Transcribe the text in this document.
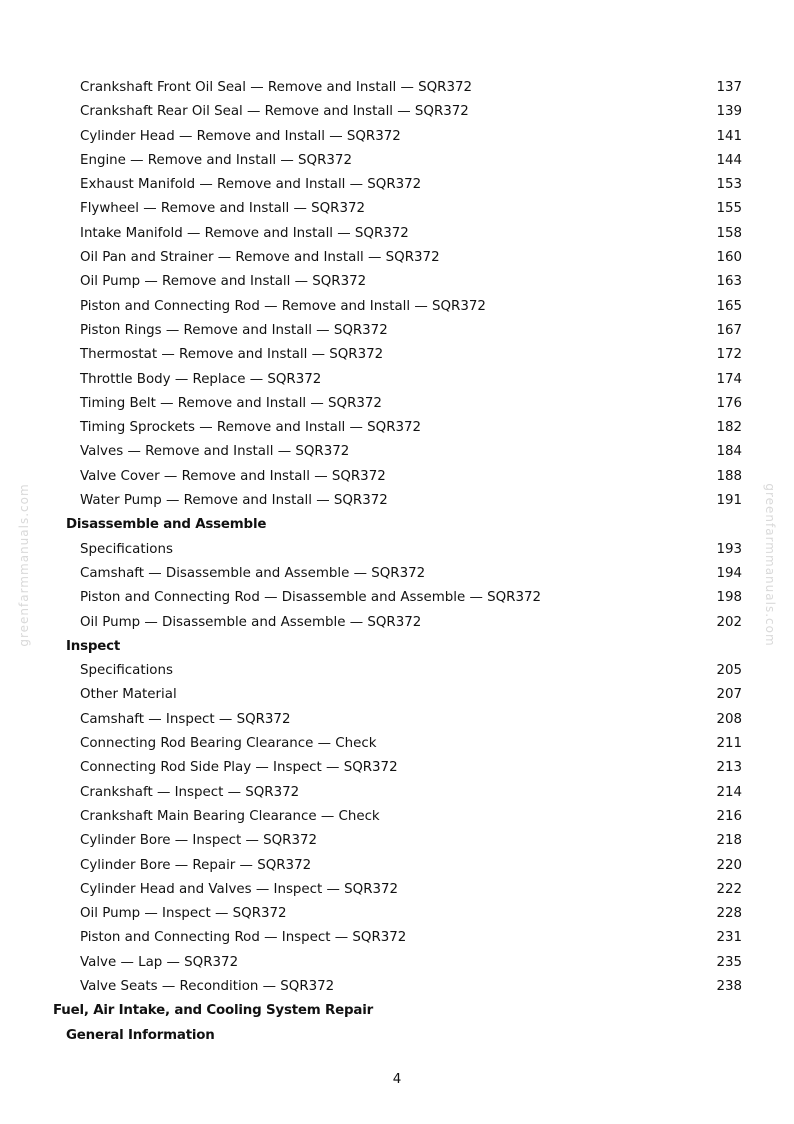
greenfarmmanuals.com	greenfarmmanuals.com
Crankshaft Front Oil Seal — Remove and Install — SQR372	137
Crankshaft Rear Oil Seal — Remove and Install — SQR372	139
Cylinder Head — Remove and Install — SQR372	141
Engine — Remove and Install — SQR372	144
Exhaust Manifold — Remove and Install — SQR372	153
Flywheel — Remove and Install — SQR372	155
Intake Manifold — Remove and Install — SQR372	158
Oil Pan and Strainer — Remove and Install — SQR372	160
Oil Pump — Remove and Install — SQR372	163
Piston and Connecting Rod — Remove and Install — SQR372	165
Piston Rings — Remove and Install — SQR372	167
Thermostat — Remove and Install — SQR372	172
Throttle Body — Replace — SQR372	174
Timing Belt — Remove and Install — SQR372	176
Timing Sprockets — Remove and Install — SQR372	182
Valves — Remove and Install — SQR372	184
Valve Cover — Remove and Install — SQR372	188
Water Pump — Remove and Install — SQR372	191
Disassemble and Assemble
Specifications	193
Camshaft — Disassemble and Assemble — SQR372	194
Piston and Connecting Rod — Disassemble and Assemble — SQR372	198
Oil Pump — Disassemble and Assemble — SQR372	202
Inspect
Specifications	205
Other Material	207
Camshaft — Inspect — SQR372	208
Connecting Rod Bearing Clearance — Check	211
Connecting Rod Side Play — Inspect — SQR372	213
Crankshaft — Inspect — SQR372	214
Crankshaft Main Bearing Clearance — Check	216
Cylinder Bore — Inspect — SQR372	218
Cylinder Bore — Repair — SQR372	220
Cylinder Head and Valves — Inspect — SQR372	222
Oil Pump — Inspect — SQR372	228
Piston and Connecting Rod — Inspect — SQR372	231
Valve — Lap — SQR372	235
Valve Seats — Recondition — SQR372	238
Fuel, Air Intake, and Cooling System Repair
General Information
4
